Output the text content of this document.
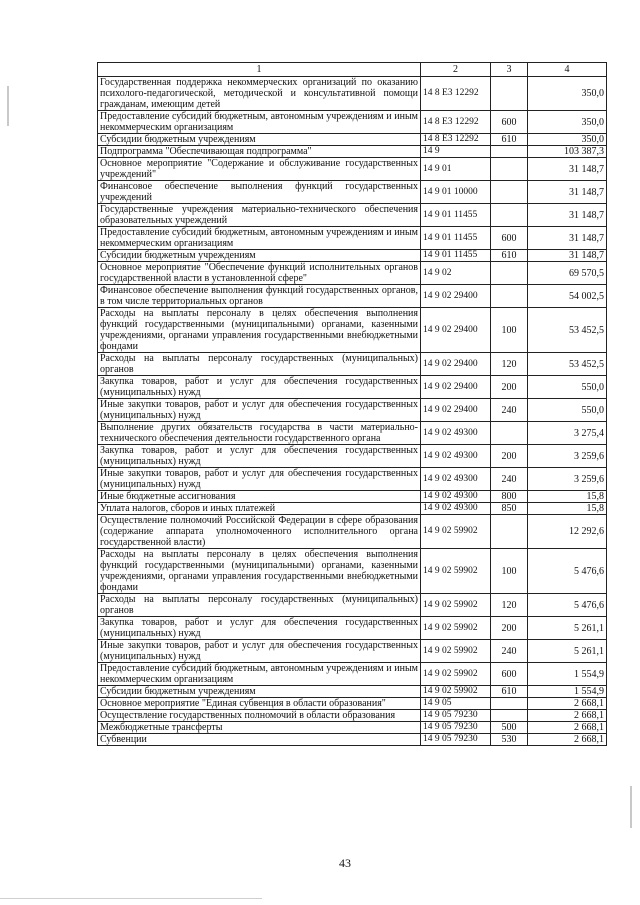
1	2	3	4
Государственная поддержка некоммерческих организаций по оказанию психолого-педагогической, методической и консультативной помощи гражданам, имеющим детей	14 8 E3 12292		350,0
Предоставление субсидий бюджетным, автономным учреждениям и иным некоммерческим организациям	14 8 E3 12292	600	350,0
Субсидии бюджетным учреждениям	14 8 E3 12292	610	350,0
Подпрограмма "Обеспечивающая подпрограмма"	14 9		103 387,3
Основное мероприятие "Содержание и обслуживание государственных учреждений"	14 9 01		31 148,7
Финансовое обеспечение выполнения функций государственных учреждений	14 9 01 10000		31 148,7
Государственные учреждения материально-технического обеспечения образовательных учреждений	14 9 01 11455		31 148,7
Предоставление субсидий бюджетным, автономным учреждениям и иным некоммерческим организациям	14 9 01 11455	600	31 148,7
Субсидии бюджетным учреждениям	14 9 01 11455	610	31 148,7
Основное мероприятие "Обеспечение функций исполнительных органов государственной власти в установленной сфере"	14 9 02		69 570,5
Финансовое обеспечение выполнения функций государственных органов, в том числе территориальных органов	14 9 02 29400		54 002,5
Расходы на выплаты персоналу в целях обеспечения выполнения функций государственными (муниципальными) органами, казенными учреждениями, органами управления государственными внебюджетными фондами	14 9 02 29400	100	53 452,5
Расходы на выплаты персоналу государственных (муниципальных) органов	14 9 02 29400	120	53 452,5
Закупка товаров, работ и услуг для обеспечения государственных (муниципальных) нужд	14 9 02 29400	200	550,0
Иные закупки товаров, работ и услуг для обеспечения государственных (муниципальных) нужд	14 9 02 29400	240	550,0
Выполнение других обязательств государства в части материально-технического обеспечения деятельности государственного органа	14 9 02 49300		3 275,4
Закупка товаров, работ и услуг для обеспечения государственных (муниципальных) нужд	14 9 02 49300	200	3 259,6
Иные закупки товаров, работ и услуг для обеспечения государственных (муниципальных) нужд	14 9 02 49300	240	3 259,6
Иные бюджетные ассигнования	14 9 02 49300	800	15,8
Уплата налогов, сборов и иных платежей	14 9 02 49300	850	15,8
Осуществление полномочий Российской Федерации в сфере образования (содержание аппарата уполномоченного исполнительного органа государственной власти)	14 9 02 59902		12 292,6
Расходы на выплаты персоналу в целях обеспечения выполнения функций государственными (муниципальными) органами, казенными учреждениями, органами управления государственными внебюджетными фондами	14 9 02 59902	100	5 476,6
Расходы на выплаты персоналу государственных (муниципальных) органов	14 9 02 59902	120	5 476,6
Закупка товаров, работ и услуг для обеспечения государственных (муниципальных) нужд	14 9 02 59902	200	5 261,1
Иные закупки товаров, работ и услуг для обеспечения государственных (муниципальных) нужд	14 9 02 59902	240	5 261,1
Предоставление субсидий бюджетным, автономным учреждениям и иным некоммерческим организациям	14 9 02 59902	600	1 554,9
Субсидии бюджетным учреждениям	14 9 02 59902	610	1 554,9
Основное мероприятие "Единая субвенция в области образования"	14 9 05		2 668,1
Осуществление государственных полномочий в области образования	14 9 05 79230		2 668,1
Межбюджетные трансферты	14 9 05 79230	500	2 668,1
Субвенции	14 9 05 79230	530	2 668,1
43
